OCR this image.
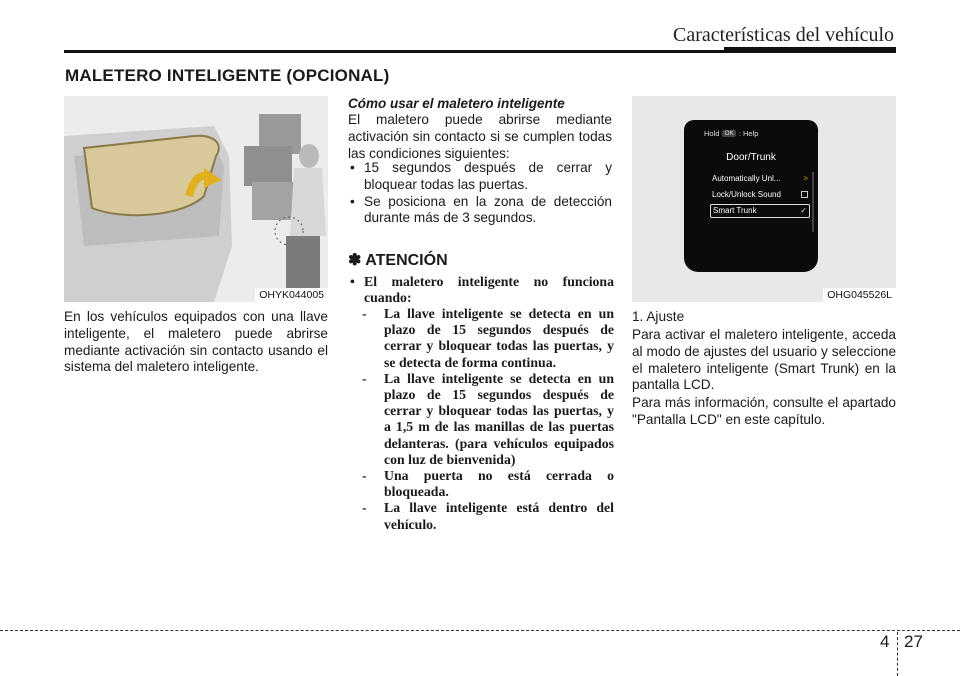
Características del vehículo
MALETERO INTELIGENTE (OPCIONAL)
OHYK044005
En los vehículos equipados con una llave inteligente, el maletero puede abrirse mediante activación sin contacto usando el sistema del maletero inteligente.
Cómo usar el maletero inteligente
El maletero puede abrirse mediante activación sin contacto si se cumplen todas las condiciones siguientes:
• 15 segundos después de cerrar y bloquear todas las puertas.
• Se posiciona en la zona de detección durante más de 3 segundos.
✽ ATENCIÓN
• El maletero inteligente no funciona cuando:
- La llave inteligente se detecta en un plazo de 15 segundos después de cerrar y bloquear todas las puertas, y se detecta de forma continua.
- La llave inteligente se detecta en un plazo de 15 segundos después de cerrar y bloquear todas las puertas, y a 1,5 m de las manillas de las puertas delanteras. (para vehículos equipados con luz de bienvenida)
- Una puerta no está cerrada o bloqueada.
- La llave inteligente está dentro del vehículo.
Hold OK : Help
Door/Trunk
Automatically Unl...	>
Lock/Unlock Sound
Smart Trunk	✓
OHG045526L
1. Ajuste
Para activar el maletero inteligente, acceda al modo de ajustes del usuario y seleccione el maletero inteligente (Smart Trunk) en la pantalla LCD.
Para más información, consulte el apartado "Pantalla LCD" en este capítulo.
4 27
